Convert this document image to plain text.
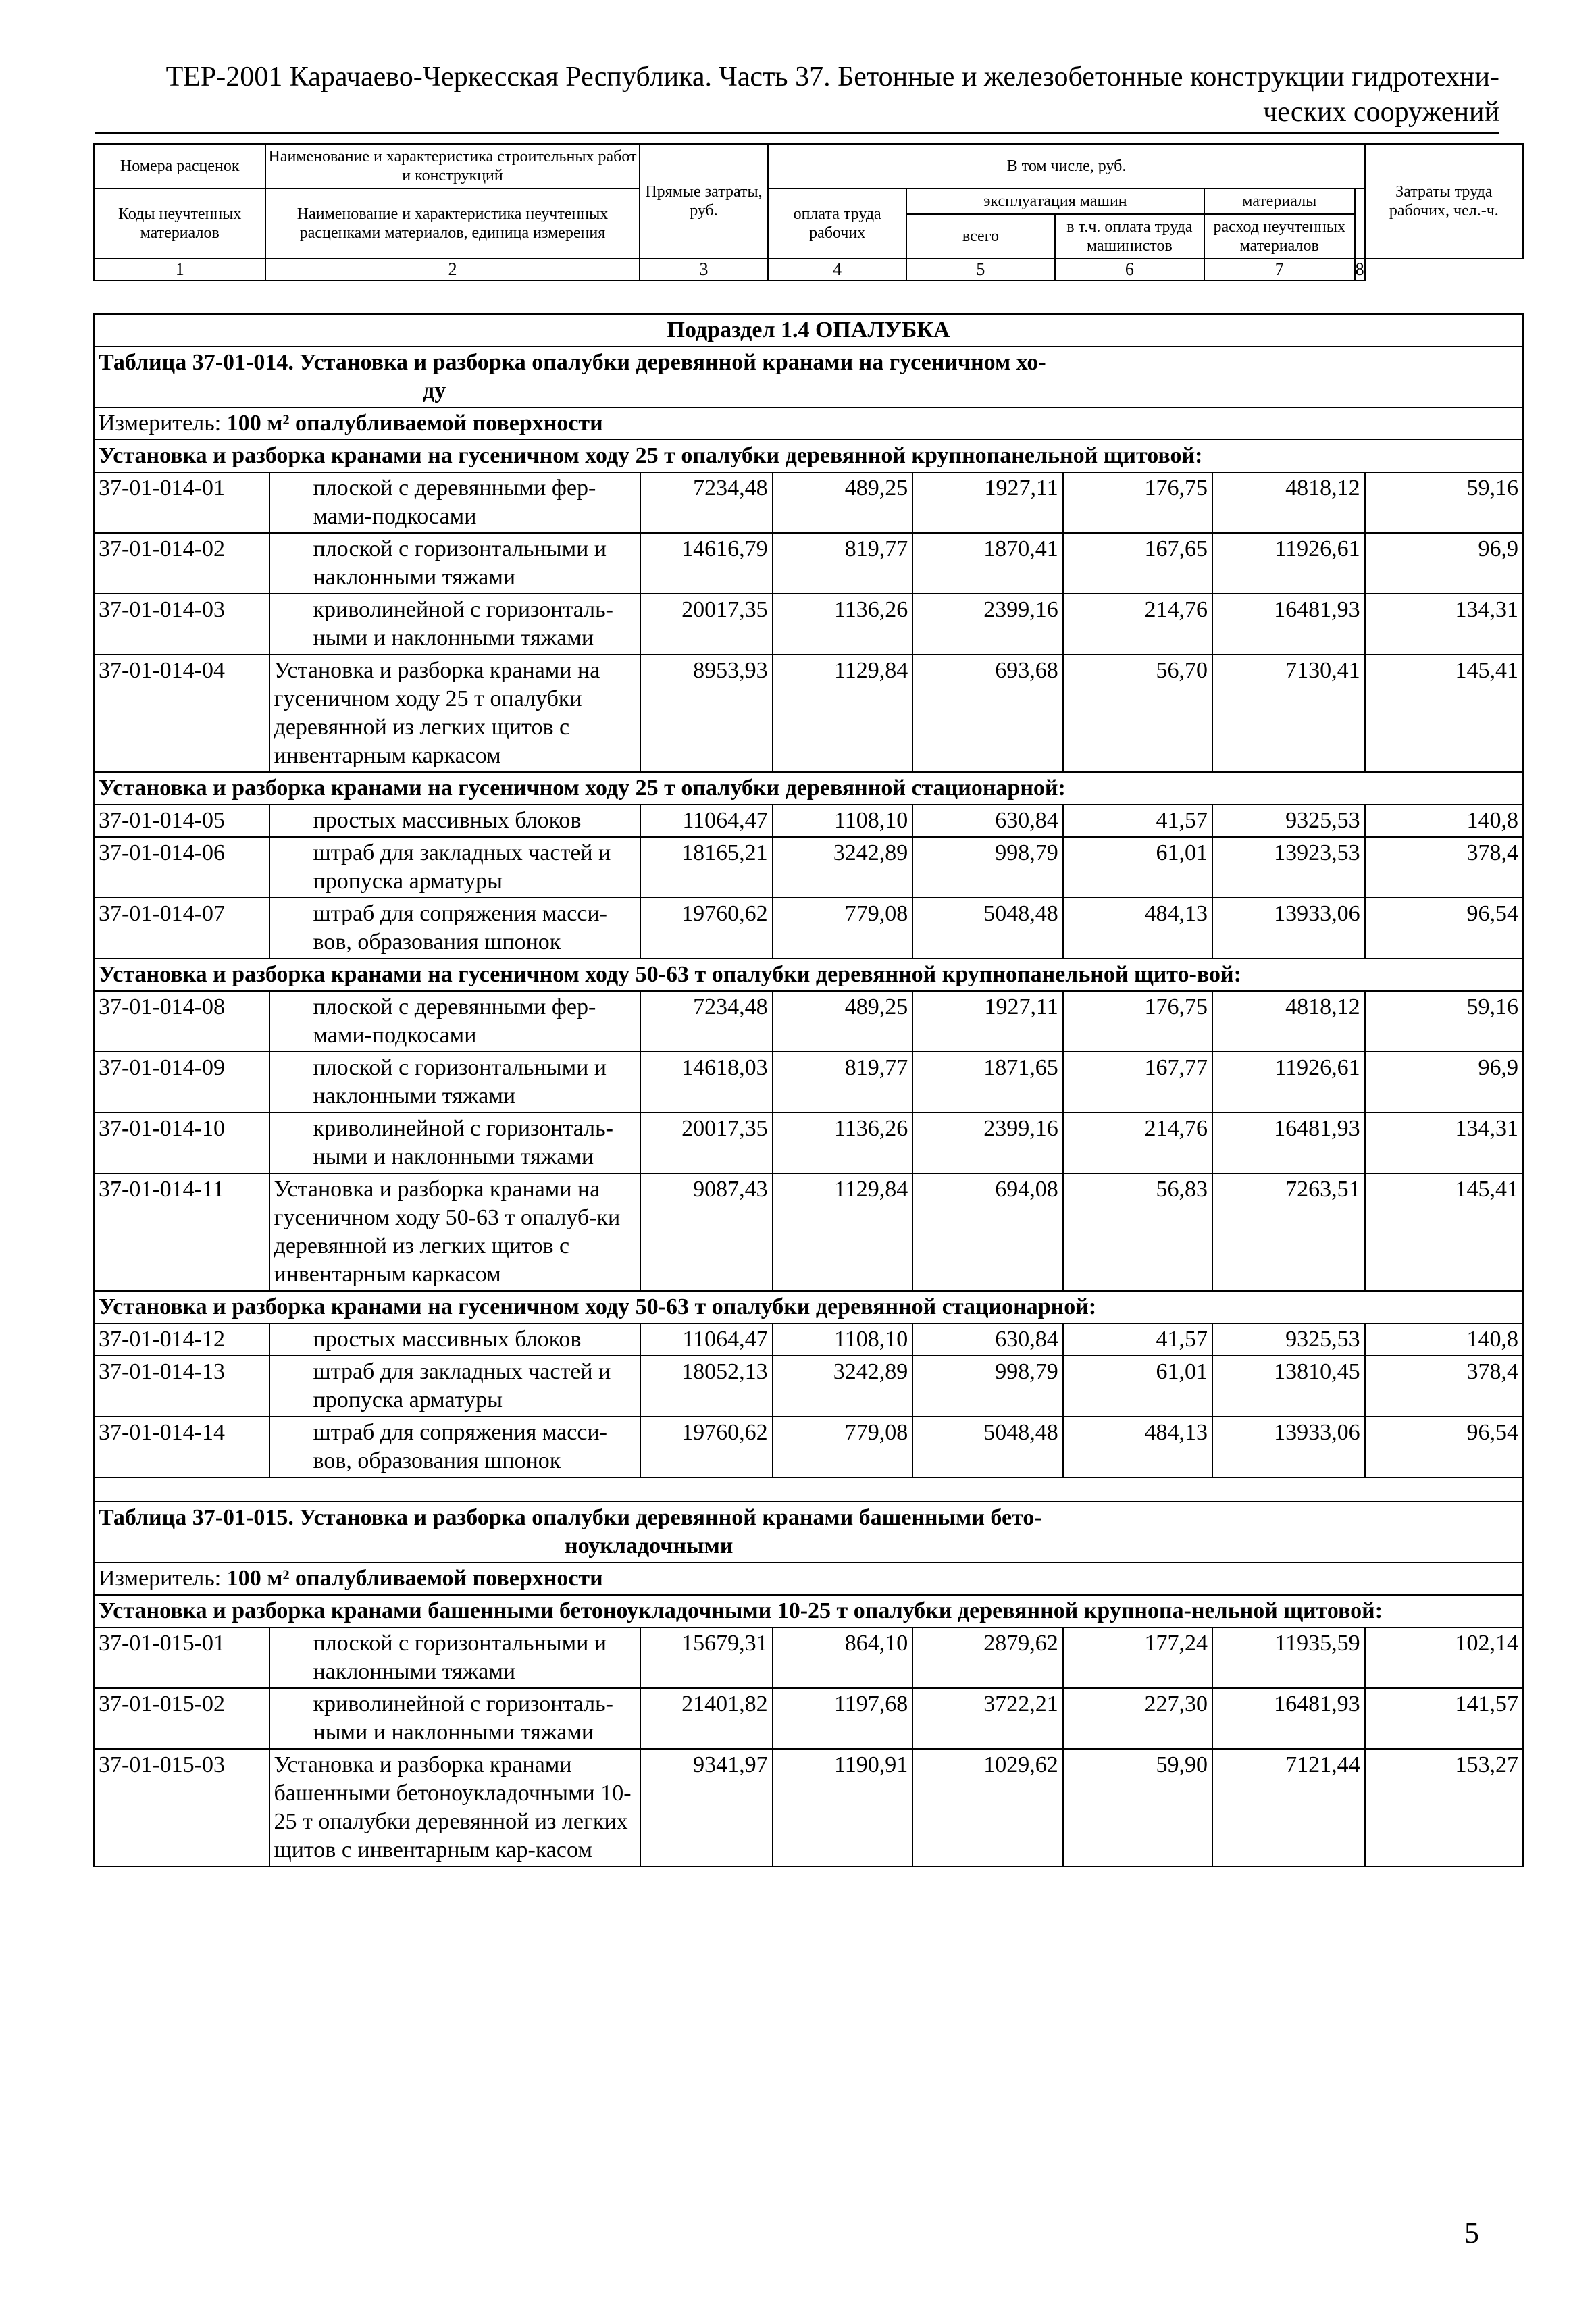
ТЕР-2001 Карачаево-Черкесская Республика. Часть 37. Бетонные и железобетонные конструкции гидротехни-
ческих сооружений
Номера расценок	Наименование и характеристика строительных работ и конструкций	Прямые затраты, руб.	В том числе, руб.					Затраты труда рабочих, чел.-ч.
Коды неучтенных материалов	Наименование и характеристика неучтенных расценками материалов, единица измерения		оплата труда рабочих	эксплуатация машин		материалы		
				всего	в т.ч. оплата труда машинистов	расход неучтенных материалов		
1	2	3	4	5	6	7	8	
Подраздел 1.4 ОПАЛУБКА							
Таблица 37-01-014. Установка и разборка опалубки деревянной кранами на гусеничном хо-
ду							

Измеритель: 100 м² опалубливаемой поверхности							
Установка и разборка кранами на гусеничном ходу 25 т опалубки деревянной крупнопанельной щитовой:							
37-01-014-01	плоской с деревянными фер-мами-подкосами	7234,48	489,25	1927,11	176,75	4818,12	59,16
37-01-014-02	плоской с горизонтальными и наклонными тяжами	14616,79	819,77	1870,41	167,65	11926,61	96,9
37-01-014-03	криволинейной с горизонталь-ными и наклонными тяжами	20017,35	1136,26	2399,16	214,76	16481,93	134,31
37-01-014-04	Установка и разборка кранами на гусеничном ходу 25 т опалубки деревянной из легких щитов с инвентарным каркасом	8953,93	1129,84	693,68	56,70	7130,41	145,41
Установка и разборка кранами на гусеничном ходу 25 т опалубки деревянной стационарной:							
37-01-014-05	простых массивных блоков	11064,47	1108,10	630,84	41,57	9325,53	140,8
37-01-014-06	штраб для закладных частей и пропуска арматуры	18165,21	3242,89	998,79	61,01	13923,53	378,4
37-01-014-07	штраб для сопряжения масси-вов, образования шпонок	19760,62	779,08	5048,48	484,13	13933,06	96,54
Установка и разборка кранами на гусеничном ходу 50-63 т опалубки деревянной крупнопанельной щито-вой:							
37-01-014-08	плоской с деревянными фер-мами-подкосами	7234,48	489,25	1927,11	176,75	4818,12	59,16
37-01-014-09	плоской с горизонтальными и наклонными тяжами	14618,03	819,77	1871,65	167,77	11926,61	96,9
37-01-014-10	криволинейной с горизонталь-ными и наклонными тяжами	20017,35	1136,26	2399,16	214,76	16481,93	134,31
37-01-014-11	Установка и разборка кранами на гусеничном ходу 50-63 т опалуб-ки деревянной из легких щитов с инвентарным каркасом	9087,43	1129,84	694,08	56,83	7263,51	145,41
Установка и разборка кранами на гусеничном ходу 50-63 т опалубки деревянной стационарной:							
37-01-014-12	простых массивных блоков	11064,47	1108,10	630,84	41,57	9325,53	140,8
37-01-014-13	штраб для закладных частей и пропуска арматуры	18052,13	3242,89	998,79	61,01	13810,45	378,4
37-01-014-14	штраб для сопряжения масси-вов, образования шпонок	19760,62	779,08	5048,48	484,13	13933,06	96,54

Таблица 37-01-015. Установка и разборка опалубки деревянной кранами башенными бето-
ноукладочными							

Измеритель: 100 м² опалубливаемой поверхности							
Установка и разборка кранами башенными бетоноукладочными 10-25 т опалубки деревянной крупнопа-нельной щитовой:							
37-01-015-01	плоской с горизонтальными и наклонными тяжами	15679,31	864,10	2879,62	177,24	11935,59	102,14
37-01-015-02	криволинейной с горизонталь-ными и наклонными тяжами	21401,82	1197,68	3722,21	227,30	16481,93	141,57
37-01-015-03	Установка и разборка кранами башенными бетоноукладочными 10-25 т опалубки деревянной из легких щитов с инвентарным кар-касом	9341,97	1190,91	1029,62	59,90	7121,44	153,27
5
